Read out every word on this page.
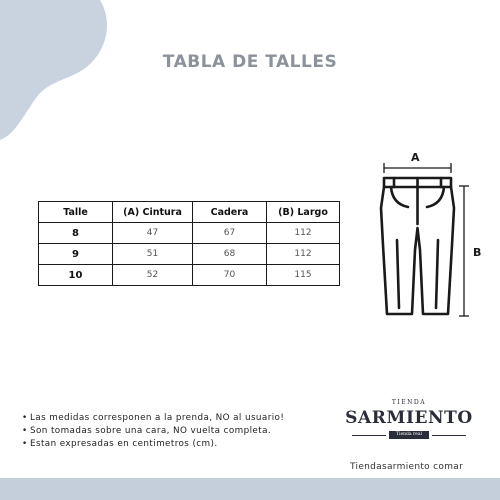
TABLA DE TALLES
Talle	(A) Cintura	Cadera	(B) Largo
8	47	67	112
9	51	68	112
10	52	70	115
A
B
• Las medidas corresponen a la prenda, NO al usuario!
• Son tomadas sobre una cara, NO vuelta completa.
• Estan expresadas en centimetros (cm).
TIENDA
SARMIENTO
Tienda real
Tiendasarmiento comar
